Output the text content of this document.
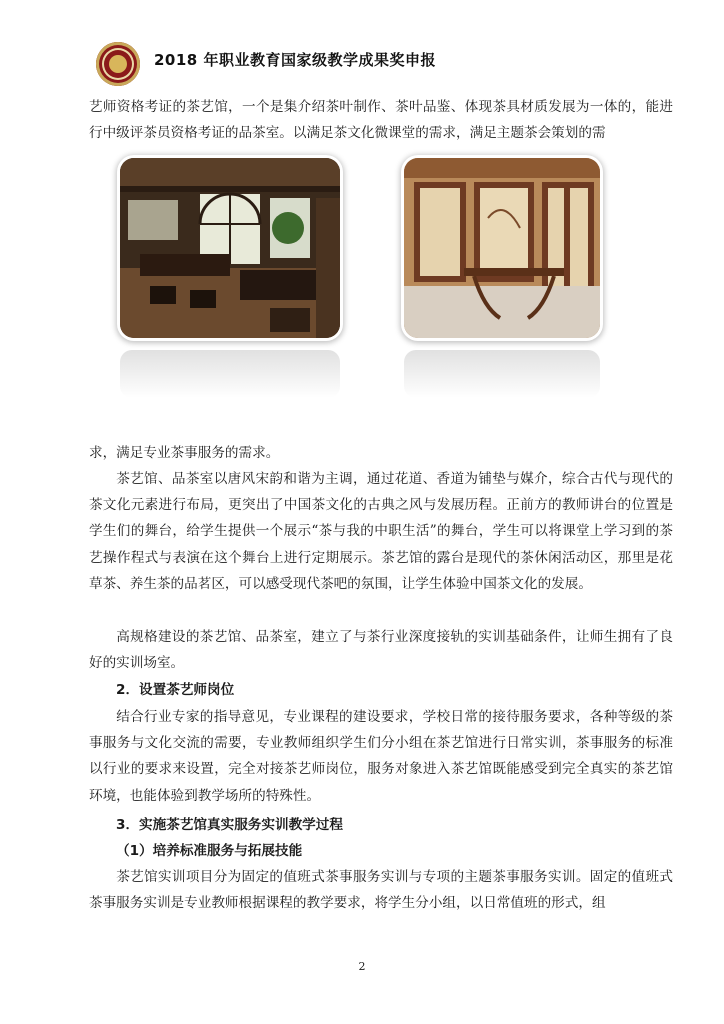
2018 年职业教育国家级教学成果奖申报

艺师资格考证的茶艺馆，一个是集介绍茶叶制作、茶叶品鉴、体现茶具材质发展为一体的，能进行中级评茶员资格考证的品茶室。以满足茶文化微课堂的需求，满足主题茶会策划的需

求，满足专业茶事服务的需求。

茶艺馆、品茶室以唐风宋韵和谐为主调，通过花道、香道为铺垫与媒介，综合古代与现代的茶文化元素进行布局，更突出了中国茶文化的古典之风与发展历程。正前方的教师讲台的位置是学生们的舞台，给学生提供一个展示“茶与我的中职生活”的舞台，学生可以将课堂上学习到的茶艺操作程式与表演在这个舞台上进行定期展示。茶艺馆的露台是现代的茶休闲活动区，那里是花草茶、养生茶的品茗区，可以感受现代茶吧的氛围，让学生体验中国茶文化的发展。

高规格建设的茶艺馆、品茶室，建立了与茶行业深度接轨的实训基础条件，让师生拥有了良好的实训场室。

2．设置茶艺师岗位

结合行业专家的指导意见，专业课程的建设要求，学校日常的接待服务要求，各种等级的茶事服务与文化交流的需要，专业教师组织学生们分小组在茶艺馆进行日常实训，茶事服务的标准以行业的要求来设置，完全对接茶艺师岗位，服务对象进入茶艺馆既能感受到完全真实的茶艺馆环境，也能体验到教学场所的特殊性。

3．实施茶艺馆真实服务实训教学过程
（1）培养标准服务与拓展技能

茶艺馆实训项目分为固定的值班式茶事服务实训与专项的主题茶事服务实训。固定的值班式茶事服务实训是专业教师根据课程的教学要求，将学生分小组，以日常值班的形式，组

2
